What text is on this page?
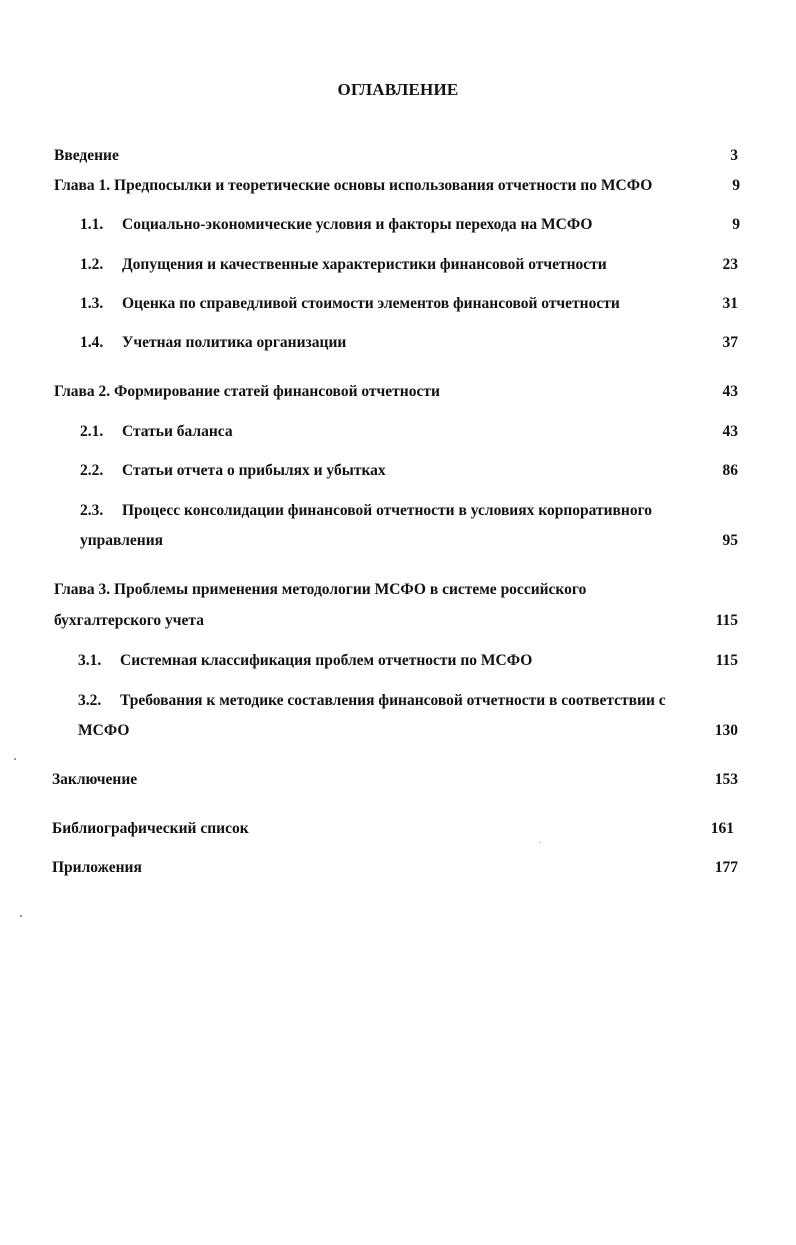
ОГЛАВЛЕНИЕ
Введение	3
Глава 1. Предпосылки и теоретические основы использования отчетности по МСФО	9
1.1.	Социально-экономические условия и факторы перехода на МСФО	9
1.2.	Допущения и качественные характеристики финансовой отчетности	23
1.3.	Оценка по справедливой стоимости элементов финансовой отчетности	31
1.4.	Учетная политика организации	37
Глава 2. Формирование статей финансовой отчетности	43
2.1.	Статьи баланса	43
2.2.	Статьи отчета о прибылях и убытках	86
2.3. Процесс консолидации финансовой отчетности в условиях корпоративного
управления	95
Глава 3. Проблемы применения методологии МСФО в системе российского
бухгалтерского учета	115
3.1.	Системная классификация проблем отчетности по МСФО	115
3.2. Требования к методике составления финансовой отчетности в соответствии с
МСФО	130
Заключение	153
Библиографический список	161
Приложения	177
